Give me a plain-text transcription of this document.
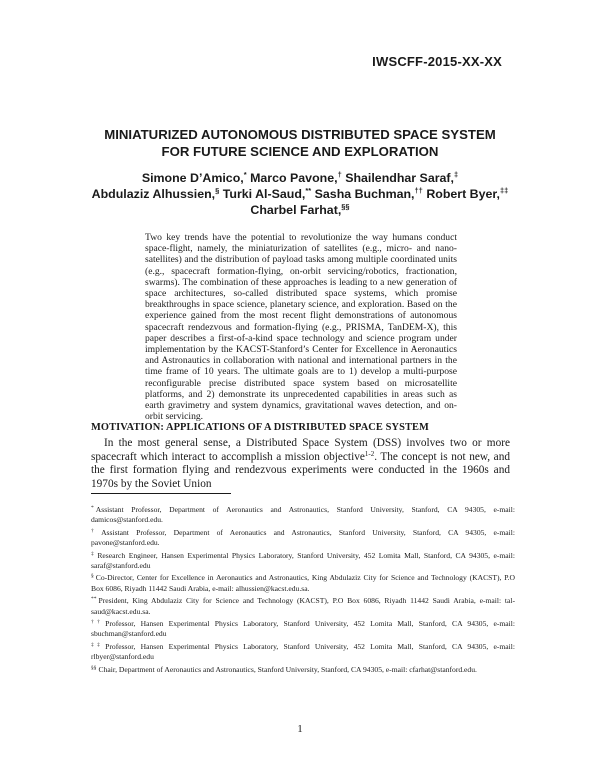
IWSCFF-2015-XX-XX
MINIATURIZED AUTONOMOUS DISTRIBUTED SPACE SYSTEM
FOR FUTURE SCIENCE AND EXPLORATION
Simone D’Amico,* Marco Pavone,† Shailendhar Saraf,‡
Abdulaziz Alhussien,§ Turki Al-Saud,** Sasha Buchman,†† Robert Byer,‡‡
Charbel Farhat,§§
Two key trends have the potential to revolutionize the way humans conduct space-flight, namely, the miniaturization of satellites (e.g., micro- and nano-satellites) and the distribution of payload tasks among multiple coordinated units (e.g., spacecraft formation-flying, on-orbit servicing/robotics, fractionation, swarms). The combination of these approaches is leading to a new generation of space architectures, so-called distributed space systems, which promise breakthroughs in space science, planetary science, and exploration. Based on the experience gained from the most recent flight demonstrations of autonomous spacecraft rendezvous and formation-flying (e.g., PRISMA, TanDEM-X), this paper describes a first-of-a-kind space technology and science program under implementation by the KACST-Stanford’s Center for Excellence in Aeronautics and Astronautics in collaboration with national and international partners in the time frame of 10 years. The ultimate goals are to 1) develop a multi-purpose reconfigurable precise distributed space system based on microsatellite platforms, and 2) demonstrate its unprecedented capabilities in areas such as earth gravimetry and system dynamics, gravitational waves detection, and on-orbit servicing.
MOTIVATION: APPLICATIONS OF A DISTRIBUTED SPACE SYSTEM
In the most general sense, a Distributed Space System (DSS) involves two or more spacecraft which interact to accomplish a mission objective$^{1-2}$. The concept is not new, and the first formation flying and rendezvous experiments were conducted in the 1960s and 1970s by the Soviet Union
* Assistant Professor, Department of Aeronautics and Astronautics, Stanford University, Stanford, CA 94305, e-mail: damicos@stanford.edu.
† Assistant Professor, Department of Aeronautics and Astronautics, Stanford University, Stanford, CA 94305, e-mail: pavone@stanford.edu.
‡ Research Engineer, Hansen Experimental Physics Laboratory, Stanford University, 452 Lomita Mall, Stanford, CA 94305, e-mail: saraf@stanford.edu
§ Co-Director, Center for Excellence in Aeronautics and Astronautics, King Abdulaziz City for Science and Technology (KACST), P.O Box 6086, Riyadh 11442 Saudi Arabia, e-mail: alhussien@kacst.edu.sa.
** President, King Abdulaziz City for Science and Technology (KACST), P.O Box 6086, Riyadh 11442 Saudi Arabia, e-mail: tal-saud@kacst.edu.sa.
†† Professor, Hansen Experimental Physics Laboratory, Stanford University, 452 Lomita Mall, Stanford, CA 94305, e-mail: sbuchman@stanford.edu
‡‡ Professor, Hansen Experimental Physics Laboratory, Stanford University, 452 Lomita Mall, Stanford, CA 94305, e-mail: rlbyer@stanford.edu
§§ Chair, Department of Aeronautics and Astronautics, Stanford University, Stanford, CA 94305, e-mail: cfarhat@stanford.edu.
1
